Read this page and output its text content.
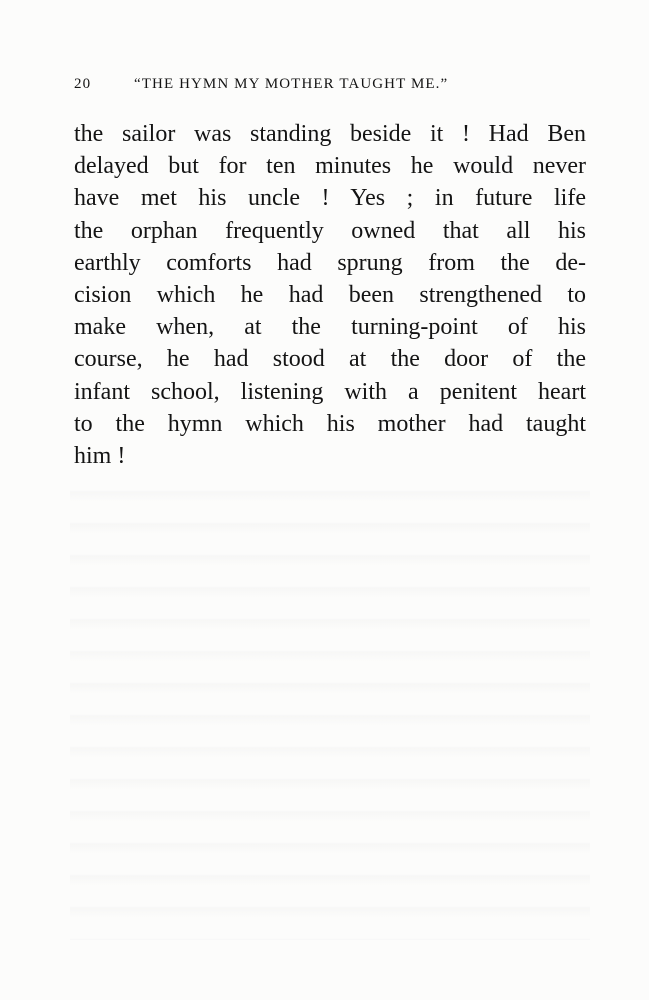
20	“THE HYMN MY MOTHER TAUGHT ME.”
the sailor was standing beside it ! Had Ben
delayed but for ten minutes he would never
have met his uncle ! Yes ; in future life
the orphan frequently owned that all his
earthly comforts had sprung from the de-
cision which he had been strengthened to
make when, at the turning-point of his
course, he had stood at the door of the
infant school, listening with a penitent heart
to the hymn which his mother had taught
him !
